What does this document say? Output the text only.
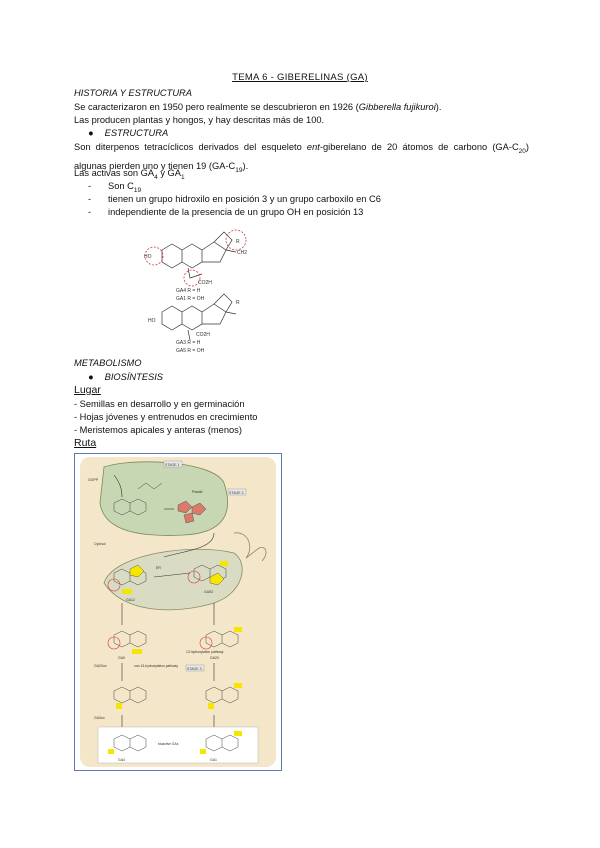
TEMA 6 - GIBERELINAS (GA)
HISTORIA Y ESTRUCTURA
Se caracterizaron en 1950 pero realmente se descubrieron en 1926 (Gibberella fujikuroi).
Las producen plantas y hongos, y hay descritas más de 100.
● ESTRUCTURA
Son diterpenos tetracíclicos derivados del esqueleto ent-giberelano de 20 átomos de carbono $(GA-C_{20})$ algunas pierden uno y tienen 19 $(GA-C_{19})$.
Las activas son $GA_4$ y $GA_1$
- Son $C_{19}$
- tienen un grupo hidroxilo en posición 3 y un grupo carboxilo en C6
- independiente de la presencia de un grupo OH en posición 13
HO
CO2H
R
CH2
GA4 R = H
GA1 R = OH
HO
CO2H
R
GA3 R = H
GA5 R = OH
METABOLISMO
● BIOSÍNTESIS
Lugar
- Semillas en desarrollo y en germinación
- Hojas jóvenes y entrenudos en crecimiento
- Meristemos apicales y anteras (menos)
Ruta
STAGE 1
STAGE 2
STAGE 3
Plastid
Cytosol
GGPP
GA12
GA53
ER
GA20ox	non-13-hydroxylation pathway
13-hydroxylation pathway
GA9	GA20
GA3ox
GA4	GA1
bioactive GAs
